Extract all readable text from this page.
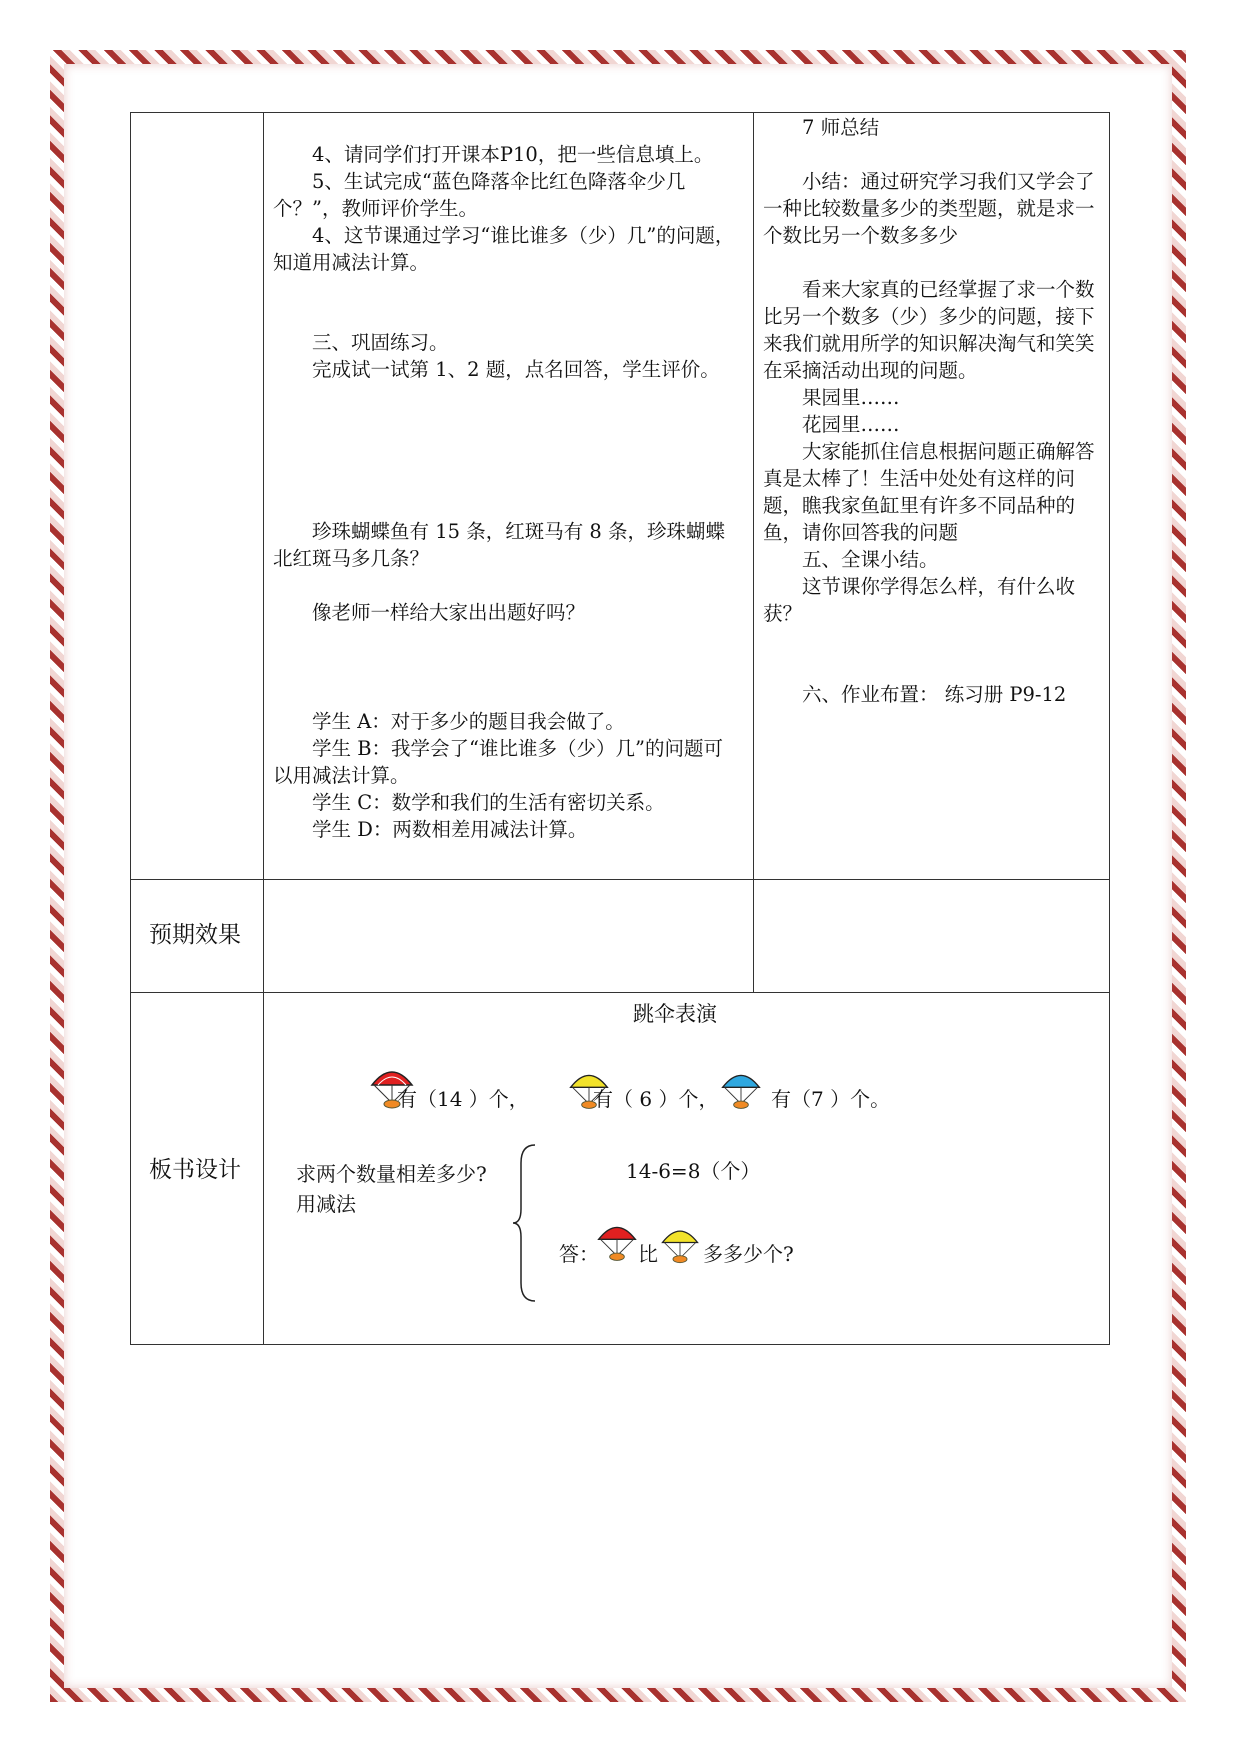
4、请同学们打开课本P10，把一些信息填上。

5、生试完成“蓝色降落伞比红色降落伞少几个？”，教师评价学生。

4、这节课通过学习“谁比谁多（少）几”的问题，知道用减法计算。

三、巩固练习。

完成试一试第 1、2 题，点名回答，学生评价。

珍珠蝴蝶鱼有 15 条，红斑马有 8 条，珍珠蝴蝶北红斑马多几条？

像老师一样给大家出出题好吗？

学生 A：对于多少的题目我会做了。

学生 B：我学会了“谁比谁多（少）几”的问题可以用减法计算。

学生 C：数学和我们的生活有密切关系。

学生 D：两数相差用减法计算。

7 师总结

小结：通过研究学习我们又学会了一种比较数量多少的类型题，就是求一个数比另一个数多多少

看来大家真的已经掌握了求一个数比另一个数多（少）多少的问题，接下来我们就用所学的知识解决淘气和笑笑在采摘活动出现的问题。

果园里……

花园里……

大家能抓住信息根据问题正确解答真是太棒了！生活中处处有这样的问题，瞧我家鱼缸里有许多不同品种的鱼，请你回答我的问题

五、全课小结。

这节课你学得怎么样，有什么收获？

六、作业布置： 练习册 P9-12

预期效果
板书设计
跳伞表演
有（14 ）个，	有（ 6 ）个，	有（7 ）个。
求两个数量相差多少?
用减法
14-6=8（个）
答： 比 多多少个?
